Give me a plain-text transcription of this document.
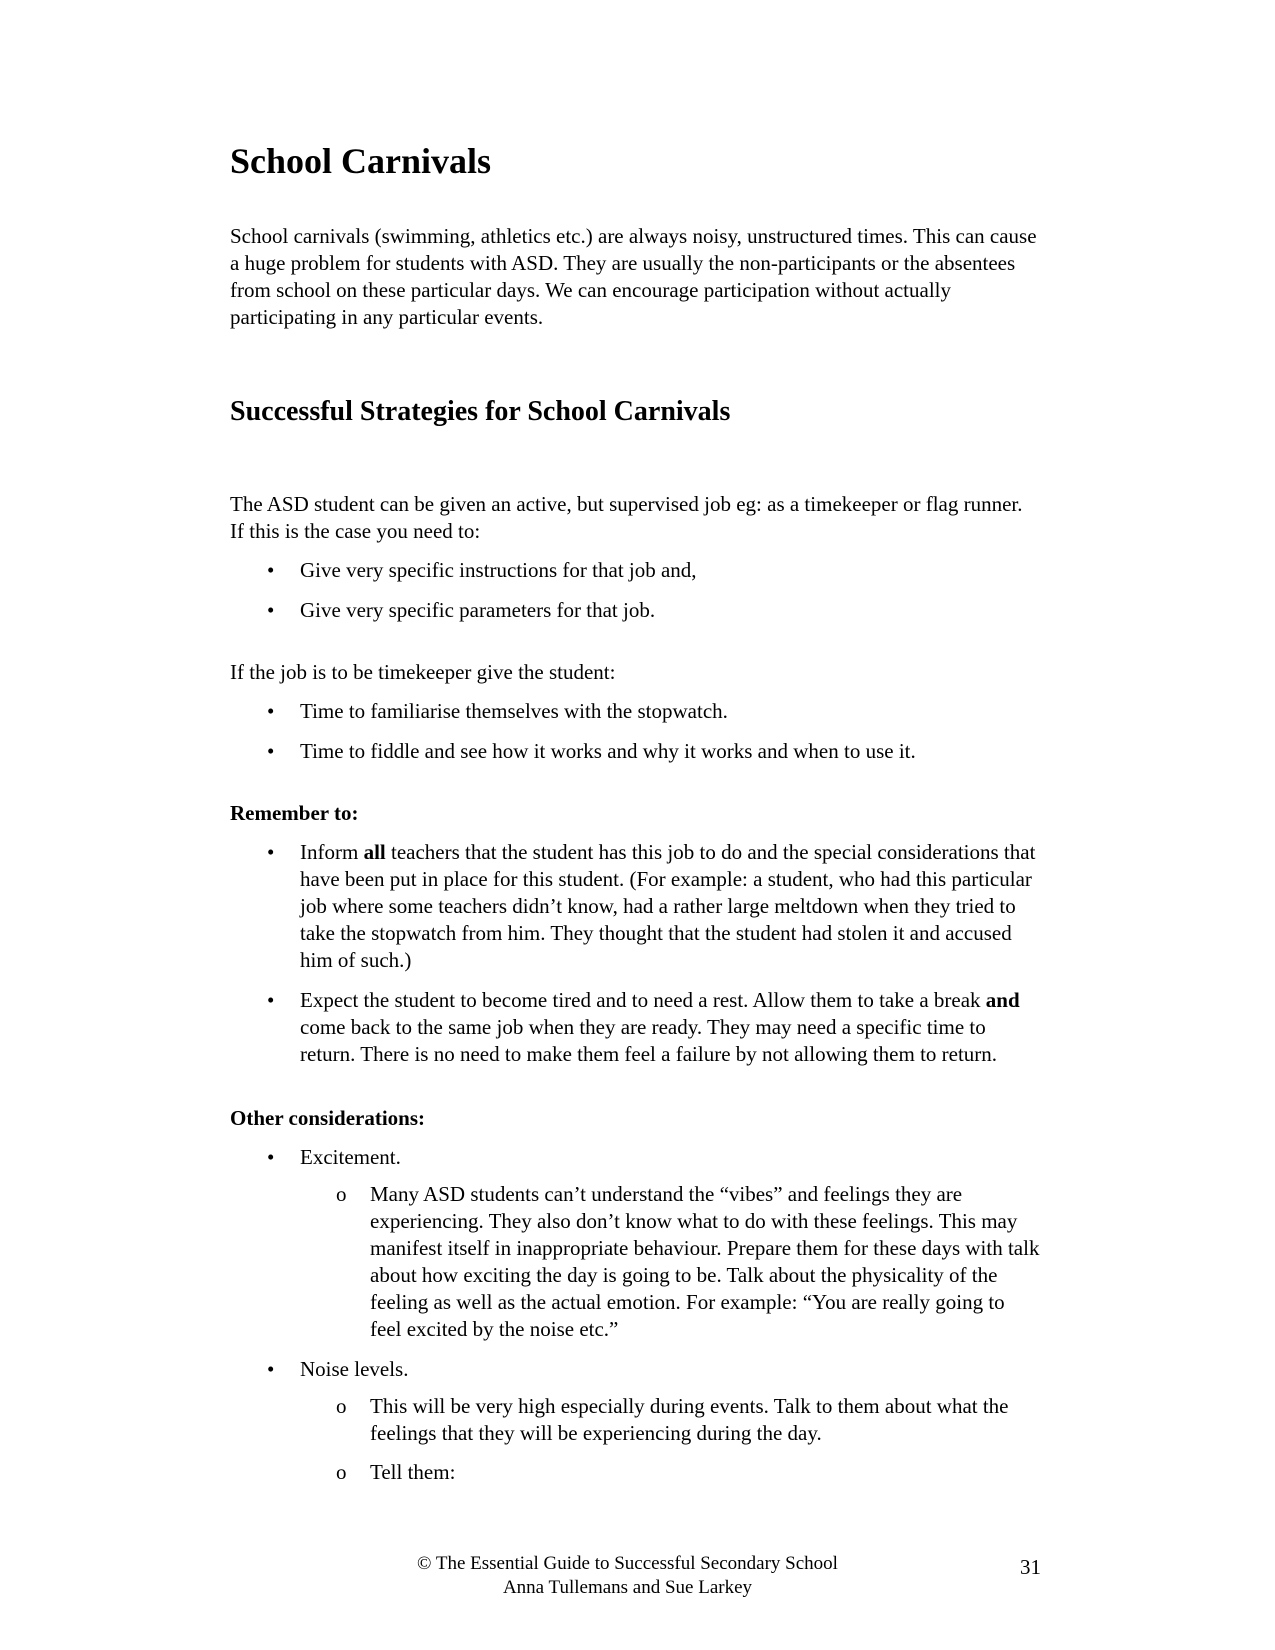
School Carnivals

School carnivals (swimming, athletics etc.) are always noisy, unstructured times. This can cause a huge problem for students with ASD. They are usually the non-participants or the absentees from school on these particular days. We can encourage participation without actually participating in any particular events.

Successful Strategies for School Carnivals

The ASD student can be given an active, but supervised job eg: as a timekeeper or flag runner. If this is the case you need to:

• Give very specific instructions for that job and,
• Give very specific parameters for that job.

If the job is to be timekeeper give the student:

• Time to familiarise themselves with the stopwatch.
• Time to fiddle and see how it works and why it works and when to use it.
Remember to:
• Inform all teachers that the student has this job to do and the special considerations that have been put in place for this student. (For example: a student, who had this particular job where some teachers didn’t know, had a rather large meltdown when they tried to take the stopwatch from him. They thought that the student had stolen it and accused him of such.)
• Expect the student to become tired and to need a rest. Allow them to take a break and come back to the same job when they are ready. They may need a specific time to return. There is no need to make them feel a failure by not allowing them to return.
Other considerations:
• Excitement.
o Many ASD students can’t understand the “vibes” and feelings they are experiencing. They also don’t know what to do with these feelings. This may manifest itself in inappropriate behaviour. Prepare them for these days with talk about how exciting the day is going to be. Talk about the physicality of the feeling as well as the actual emotion. For example: “You are really going to feel excited by the noise etc.”
• Noise levels.
o This will be very high especially during events. Talk to them about what the feelings that they will be experiencing during the day.
o Tell them:
© The Essential Guide to Successful Secondary School
Anna Tullemans and Sue Larkey
31
